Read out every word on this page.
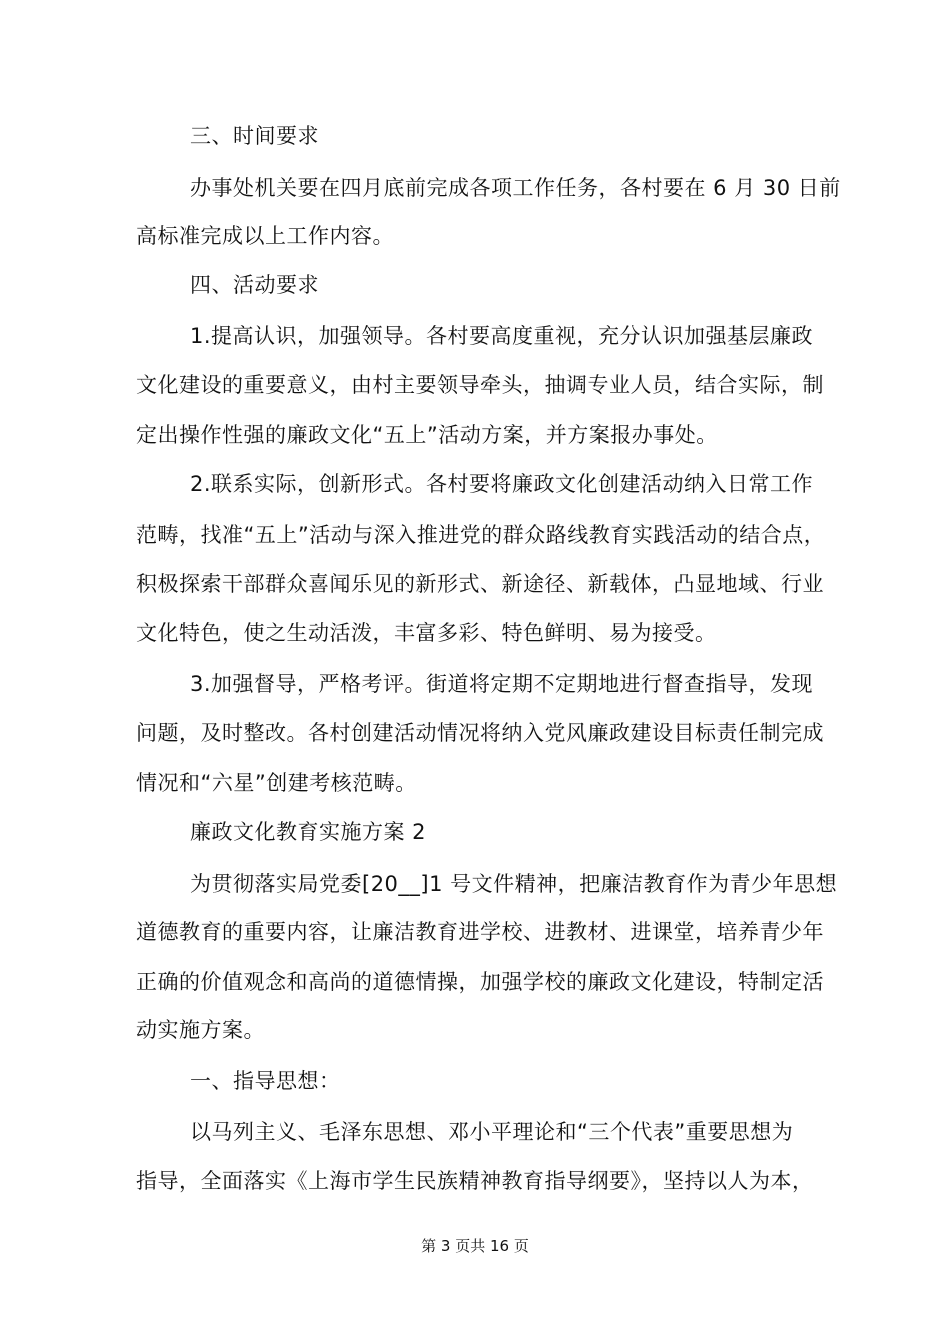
三、时间要求
办事处机关要在四月底前完成各项工作任务，各村要在 6 月 30 日前
高标准完成以上工作内容。
四、活动要求
1.提高认识，加强领导。各村要高度重视，充分认识加强基层廉政
文化建设的重要意义，由村主要领导牵头，抽调专业人员，结合实际，制
定出操作性强的廉政文化“五上”活动方案，并方案报办事处。
2.联系实际，创新形式。各村要将廉政文化创建活动纳入日常工作
范畴，找准“五上”活动与深入推进党的群众路线教育实践活动的结合点，
积极探索干部群众喜闻乐见的新形式、新途径、新载体，凸显地域、行业
文化特色，使之生动活泼，丰富多彩、特色鲜明、易为接受。
3.加强督导，严格考评。街道将定期不定期地进行督查指导，发现
问题，及时整改。各村创建活动情况将纳入党风廉政建设目标责任制完成
情况和“六星”创建考核范畴。
廉政文化教育实施方案 2
为贯彻落实局党委[20__]1 号文件精神，把廉洁教育作为青少年思想
道德教育的重要内容，让廉洁教育进学校、进教材、进课堂，培养青少年
正确的价值观念和高尚的道德情操，加强学校的廉政文化建设，特制定活
动实施方案。
一、指导思想：
以马列主义、毛泽东思想、邓小平理论和“三个代表”重要思想为
指导，全面落实《上海市学生民族精神教育指导纲要》，坚持以人为本，
第 3 页共 16 页
